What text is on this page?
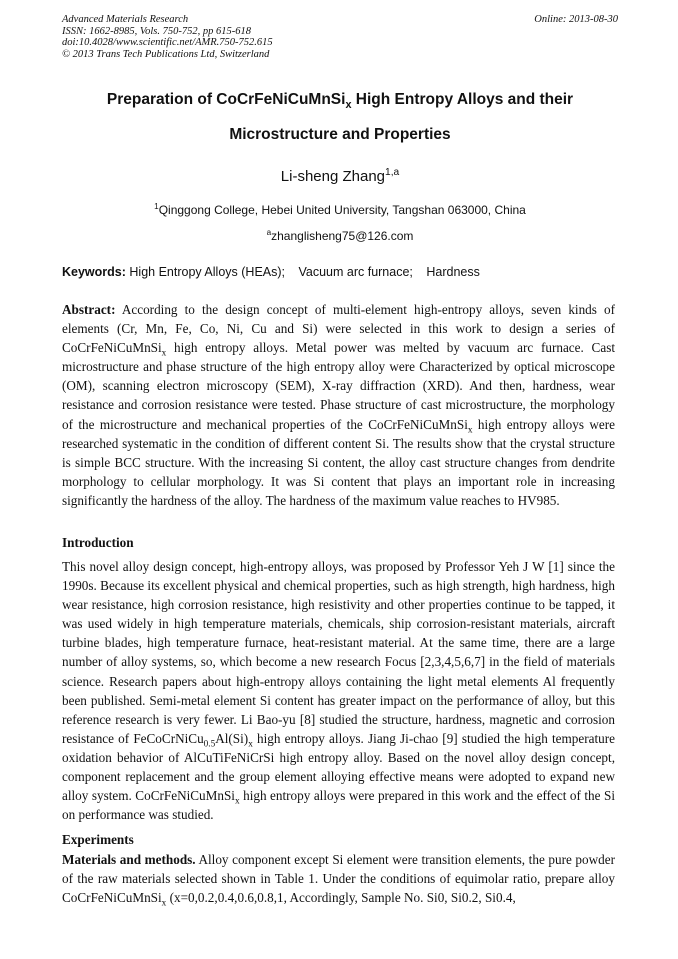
Advanced Materials Research
ISSN: 1662-8985, Vols. 750-752, pp 615-618
doi:10.4028/www.scientific.net/AMR.750-752.615
© 2013 Trans Tech Publications Ltd, Switzerland
Online: 2013-08-30
Preparation of CoCrFeNiCuMnSi$_x$ High Entropy Alloys and their
Microstructure and Properties
Li-sheng Zhang$^{1,a}$
$^1$Qinggong College, Hebei United University, Tangshan 063000, China
$^a$zhanglisheng75@126.com
Keywords: High Entropy Alloys (HEAs); Vacuum arc furnace; Hardness

Abstract: According to the design concept of multi-element high-entropy alloys, seven kinds of elements (Cr, Mn, Fe, Co, Ni, Cu and Si) were selected in this work to design a series of CoCrFeNiCuMnSi$_x$ high entropy alloys. Metal power was melted by vacuum arc furnace. Cast microstructure and phase structure of the high entropy alloy were Characterized by optical microscope (OM), scanning electron microscopy (SEM), X-ray diffraction (XRD). And then, hardness, wear resistance and corrosion resistance were tested. Phase structure of cast microstructure, the morphology of the microstructure and mechanical properties of the CoCrFeNiCuMnSi$_x$ high entropy alloys were researched systematic in the condition of different content Si. The results show that the crystal structure is simple BCC structure. With the increasing Si content, the alloy cast structure changes from dendrite morphology to cellular morphology. It was Si content that plays an important role in increasing significantly the hardness of the alloy. The hardness of the maximum value reaches to HV985.

Introduction

This novel alloy design concept, high-entropy alloys, was proposed by Professor Yeh J W [1] since the 1990s. Because its excellent physical and chemical properties, such as high strength, high hardness, high wear resistance, high corrosion resistance, high resistivity and other properties continue to be tapped, it was used widely in high temperature materials, chemicals, ship corrosion-resistant materials, aircraft turbine blades, high temperature furnace, heat-resistant material. At the same time, there are a large number of alloy systems, so, which become a new research Focus [2,3,4,5,6,7] in the field of materials science. Research papers about high-entropy alloys containing the light metal elements Al frequently been published. Semi-metal element Si content has greater impact on the performance of alloy, but this reference research is very fewer. Li Bao-yu [8] studied the structure, hardness, magnetic and corrosion resistance of $FeCoCrNiCu_{0.5}Al(Si)_x$ high entropy alloys. Jiang Ji-chao [9] studied the high temperature oxidation behavior of AlCuTiFeNiCrSi high entropy alloy. Based on the novel alloy design concept, component replacement and the group element alloying effective means were adopted to expand new alloy system. CoCrFeNiCuMnSi$_x$ high entropy alloys were prepared in this work and the effect of the Si on performance was studied.

Experiments

Materials and methods. Alloy component except Si element were transition elements, the pure powder of the raw materials selected shown in Table 1. Under the conditions of equimolar ratio, prepare alloy CoCrFeNiCuMnSi$_x$ (x=0,0.2,0.4,0.6,0.8,1, Accordingly, Sample No. Si0, Si0.2, Si0.4,
